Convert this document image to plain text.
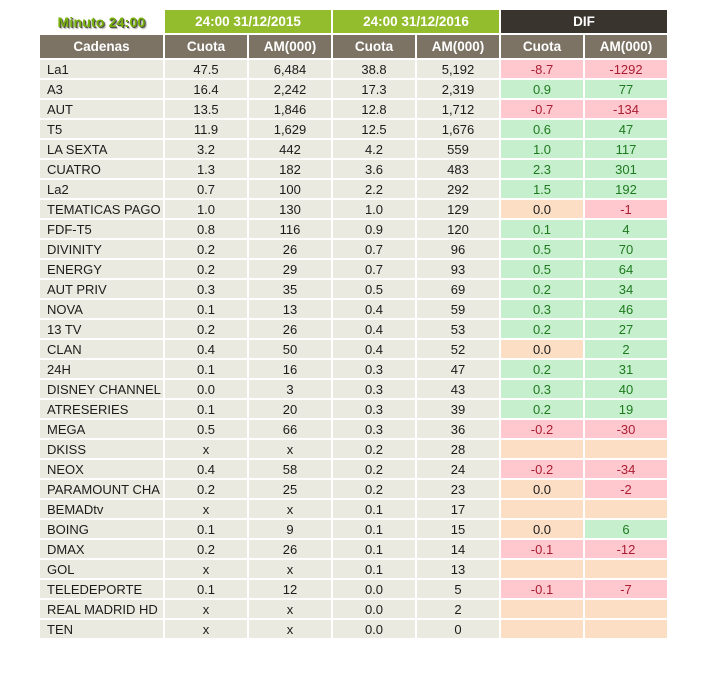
Minuto 24:00	24:00 31/12/2015	24:00 31/12/2016	DIF
Cadenas	Cuota	AM(000)	Cuota	AM(000)	Cuota	AM(000)
La1	47.5	6,484	38.8	5,192	-8.7	-1292
A3	16.4	2,242	17.3	2,319	0.9	77
AUT	13.5	1,846	12.8	1,712	-0.7	-134
T5	11.9	1,629	12.5	1,676	0.6	47
LA SEXTA	3.2	442	4.2	559	1.0	117
CUATRO	1.3	182	3.6	483	2.3	301
La2	0.7	100	2.2	292	1.5	192
TEMATICAS PAGO	1.0	130	1.0	129	0.0	-1
FDF-T5	0.8	116	0.9	120	0.1	4
DIVINITY	0.2	26	0.7	96	0.5	70
ENERGY	0.2	29	0.7	93	0.5	64
AUT PRIV	0.3	35	0.5	69	0.2	34
NOVA	0.1	13	0.4	59	0.3	46
13 TV	0.2	26	0.4	53	0.2	27
CLAN	0.4	50	0.4	52	0.0	2
24H	0.1	16	0.3	47	0.2	31
DISNEY CHANNEL	0.0	3	0.3	43	0.3	40
ATRESERIES	0.1	20	0.3	39	0.2	19
MEGA	0.5	66	0.3	36	-0.2	-30
DKISS	x	x	0.2	28
NEOX	0.4	58	0.2	24	-0.2	-34
PARAMOUNT CHA	0.2	25	0.2	23	0.0	-2
BEMADtv	x	x	0.1	17
BOING	0.1	9	0.1	15	0.0	6
DMAX	0.2	26	0.1	14	-0.1	-12
GOL	x	x	0.1	13
TELEDEPORTE	0.1	12	0.0	5	-0.1	-7
REAL MADRID HD	x	x	0.0	2
TEN	x	x	0.0	0
